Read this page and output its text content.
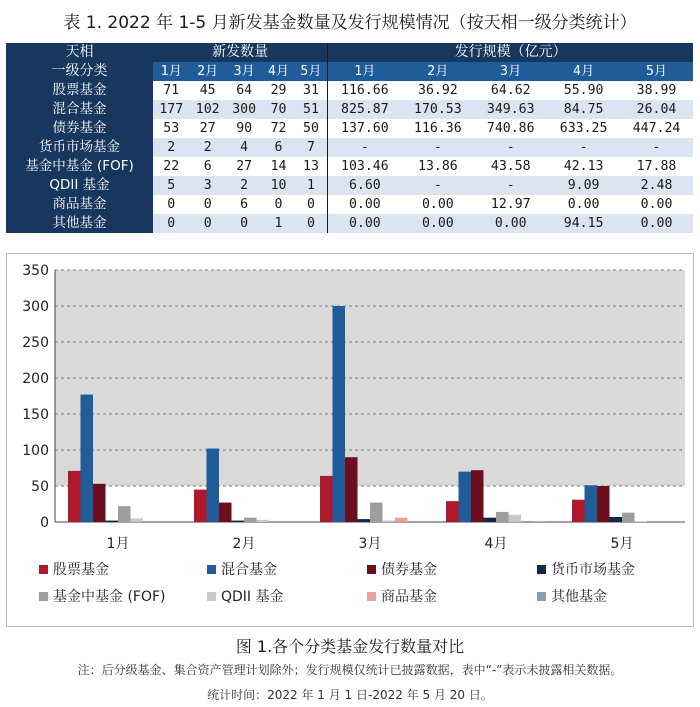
表 1. 2022 年 1-5 月新发基金数量及发行规模情况（按天相一级分类统计）
天相	新发数量					发行规模（亿元）				
一级分类	1月	2月	3月	4月	5月	1月	2月	3月	4月	5月
股票基金	71	45	64	29	31	116.66	36.92	64.62	55.90	38.99
混合基金	177	102	300	70	51	825.87	170.53	349.63	84.75	26.04
债券基金	53	27	90	72	50	137.60	116.36	740.86	633.25	447.24
货币市场基金	2	2	4	6	7	-	-	-	-	-
基金中基金 (FOF)	22	6	27	14	13	103.46	13.86	43.58	42.13	17.88
QDII 基金	5	3	2	10	1	6.60	-	-	9.09	2.48
商品基金	0	0	6	0	0	0.00	0.00	12.97	0.00	0.00
其他基金	0	0	0	1	0	0.00	0.00	0.00	94.15	0.00
0
50
100
150
200
250
300
350
1月	2月	3月	4月	5月
股票基金	混合基金	债券基金	货币市场基金
基金中基金 (FOF)	QDII 基金	商品基金	其他基金
图 1.各个分类基金发行数量对比
注：后分级基金、集合资产管理计划除外；发行规模仅统计已披露数据，表中“-”表示未披露相关数据。
统计时间：2022 年 1 月 1 日-2022 年 5 月 20 日。
